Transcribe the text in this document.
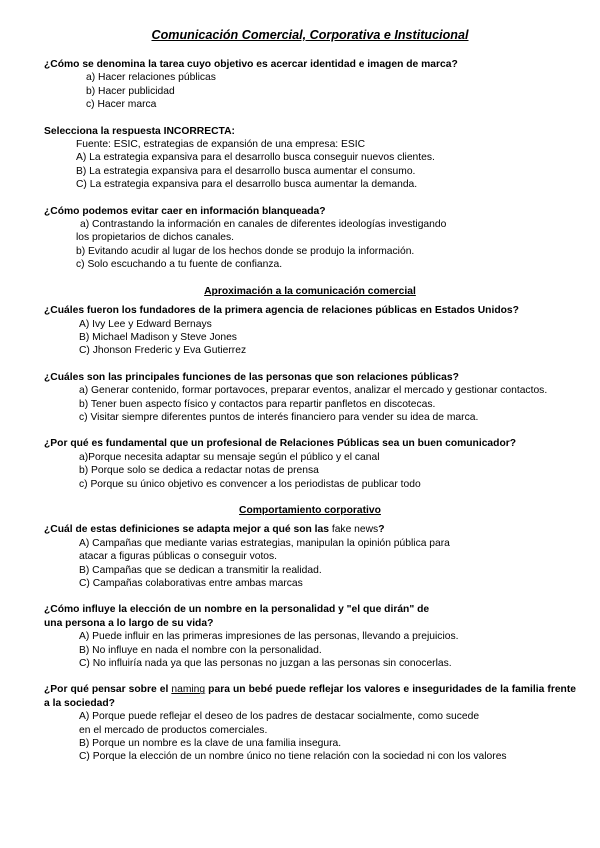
Comunicación Comercial, Corporativa e Institucional
¿Cómo se denomina la tarea cuyo objetivo es acercar identidad e imagen de marca?
a) Hacer relaciones públicas
b) Hacer publicidad
c) Hacer marca
Selecciona la respuesta INCORRECTA:
Fuente: ESIC, estrategias de expansión de una empresa: ESIC
A) La estrategia expansiva para el desarrollo busca conseguir nuevos clientes.
B) La estrategia expansiva para el desarrollo busca aumentar el consumo.
C) La estrategia expansiva para el desarrollo busca aumentar la demanda.
¿Cómo podemos evitar caer en información blanqueada?
a) Contrastando la información en canales de diferentes ideologías investigando
los propietarios de dichos canales.
b) Evitando acudir al lugar de los hechos donde se produjo la información.
c) Solo escuchando a tu fuente de confianza.
Aproximación a la comunicación comercial
¿Cuáles fueron los fundadores de la primera agencia de relaciones públicas en Estados Unidos?
A) Ivy Lee y Edward Bernays
B) Michael Madison y Steve Jones
C) Jhonson Frederic y Eva Gutierrez
¿Cuáles son las principales funciones de las personas que son relaciones públicas?
a) Generar contenido, formar portavoces, preparar eventos, analizar el mercado y gestionar contactos.
b) Tener buen aspecto físico y contactos para repartir panfletos en discotecas.
c) Visitar siempre diferentes puntos de interés financiero para vender su idea de marca.
¿Por qué es fundamental que un profesional de Relaciones Públicas sea un buen comunicador?
a)Porque necesita adaptar su mensaje según el público y el canal
b) Porque solo se dedica a redactar notas de prensa
c) Porque su único objetivo es convencer a los periodistas de publicar todo
Comportamiento corporativo
¿Cuál de estas definiciones se adapta mejor a qué son las fake news?
A) Campañas que mediante varias estrategias, manipulan la opinión pública para
atacar a figuras públicas o conseguir votos.
B) Campañas que se dedican a transmitir la realidad.
C) Campañas colaborativas entre ambas marcas
¿Cómo influye la elección de un nombre en la personalidad y "el que dirán" de
una persona a lo largo de su vida?
A) Puede influir en las primeras impresiones de las personas, llevando a prejuicios.
B) No influye en nada el nombre con la personalidad.
C) No influiría nada ya que las personas no juzgan a las personas sin conocerlas.
¿Por qué pensar sobre el naming para un bebé puede reflejar los valores e inseguridades de la familia frente a la sociedad?
A) Porque puede reflejar el deseo de los padres de destacar socialmente, como sucede
en el mercado de productos comerciales.
B) Porque un nombre es la clave de una familia insegura.
C) Porque la elección de un nombre único no tiene relación con la sociedad ni con los valores
